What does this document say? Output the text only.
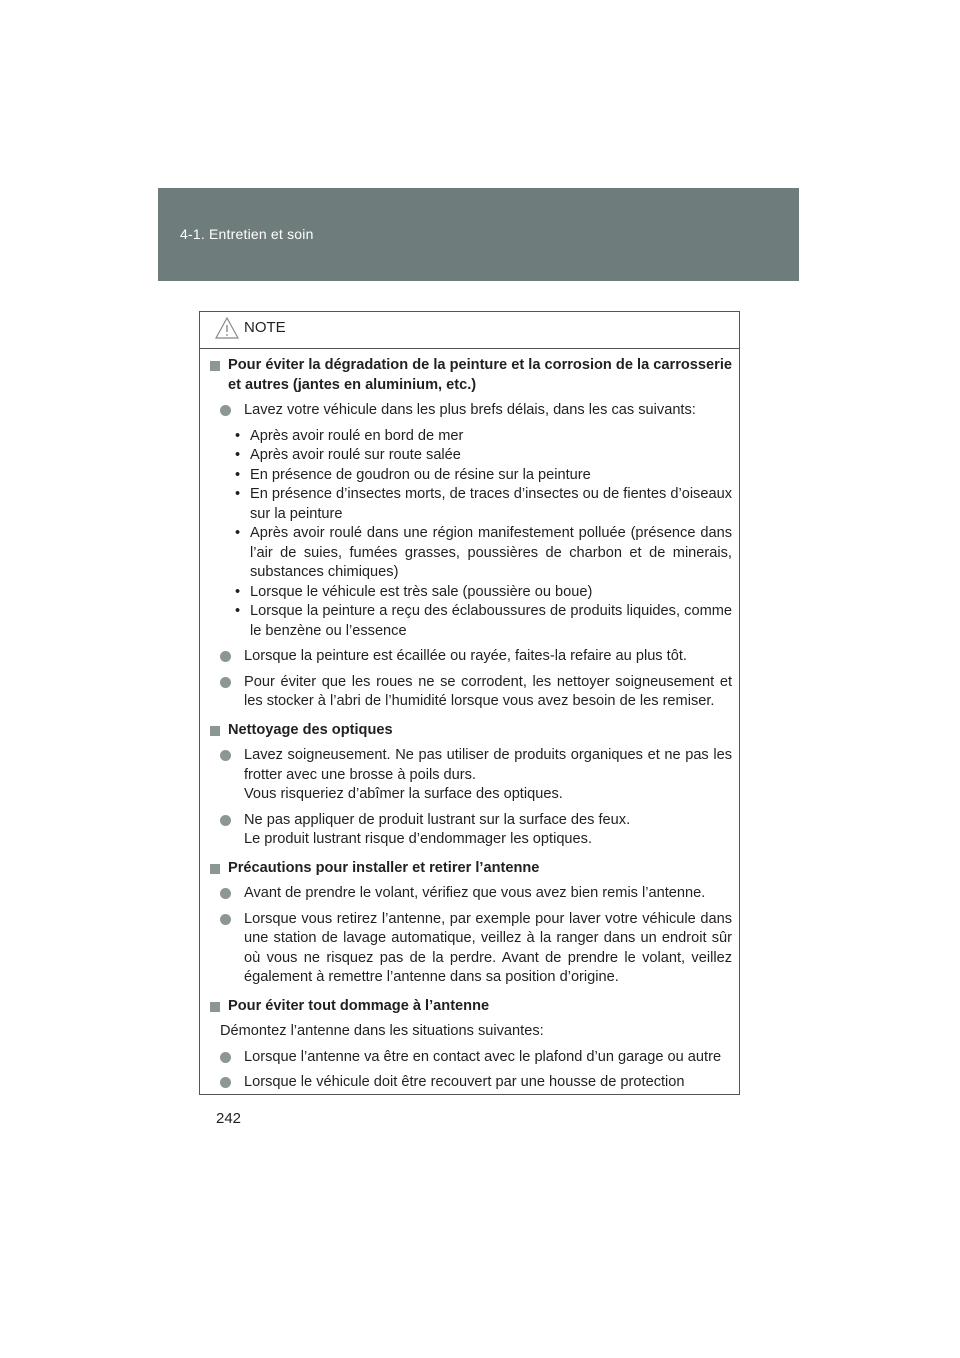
4-1. Entretien et soin
NOTE
Pour éviter la dégradation de la peinture et la corrosion de la carrosserie et autres (jantes en aluminium, etc.)
Lavez votre véhicule dans les plus brefs délais, dans les cas suivants:
• Après avoir roulé en bord de mer
• Après avoir roulé sur route salée
• En présence de goudron ou de résine sur la peinture
• En présence d’insectes morts, de traces d’insectes ou de fientes d’oiseaux sur la peinture
• Après avoir roulé dans une région manifestement polluée (présence dans l’air de suies, fumées grasses, poussières de charbon et de minerais, substances chimiques)
• Lorsque le véhicule est très sale (poussière ou boue)
• Lorsque la peinture a reçu des éclaboussures de produits liquides, comme le benzène ou l’essence
Lorsque la peinture est écaillée ou rayée, faites-la refaire au plus tôt.
Pour éviter que les roues ne se corrodent, les nettoyer soigneusement et les stocker à l’abri de l’humidité lorsque vous avez besoin de les remiser.
Nettoyage des optiques
Lavez soigneusement. Ne pas utiliser de produits organiques et ne pas les frotter avec une brosse à poils durs.
Vous risqueriez d’abîmer la surface des optiques.
Ne pas appliquer de produit lustrant sur la surface des feux.
Le produit lustrant risque d’endommager les optiques.
Précautions pour installer et retirer l’antenne
Avant de prendre le volant, vérifiez que vous avez bien remis l’antenne.
Lorsque vous retirez l’antenne, par exemple pour laver votre véhicule dans une station de lavage automatique, veillez à la ranger dans un endroit sûr où vous ne risquez pas de la perdre. Avant de prendre le volant, veillez également à remettre l’antenne dans sa position d’origine.
Pour éviter tout dommage à l’antenne
Démontez l’antenne dans les situations suivantes:
Lorsque l’antenne va être en contact avec le plafond d’un garage ou autre
Lorsque le véhicule doit être recouvert par une housse de protection
242
